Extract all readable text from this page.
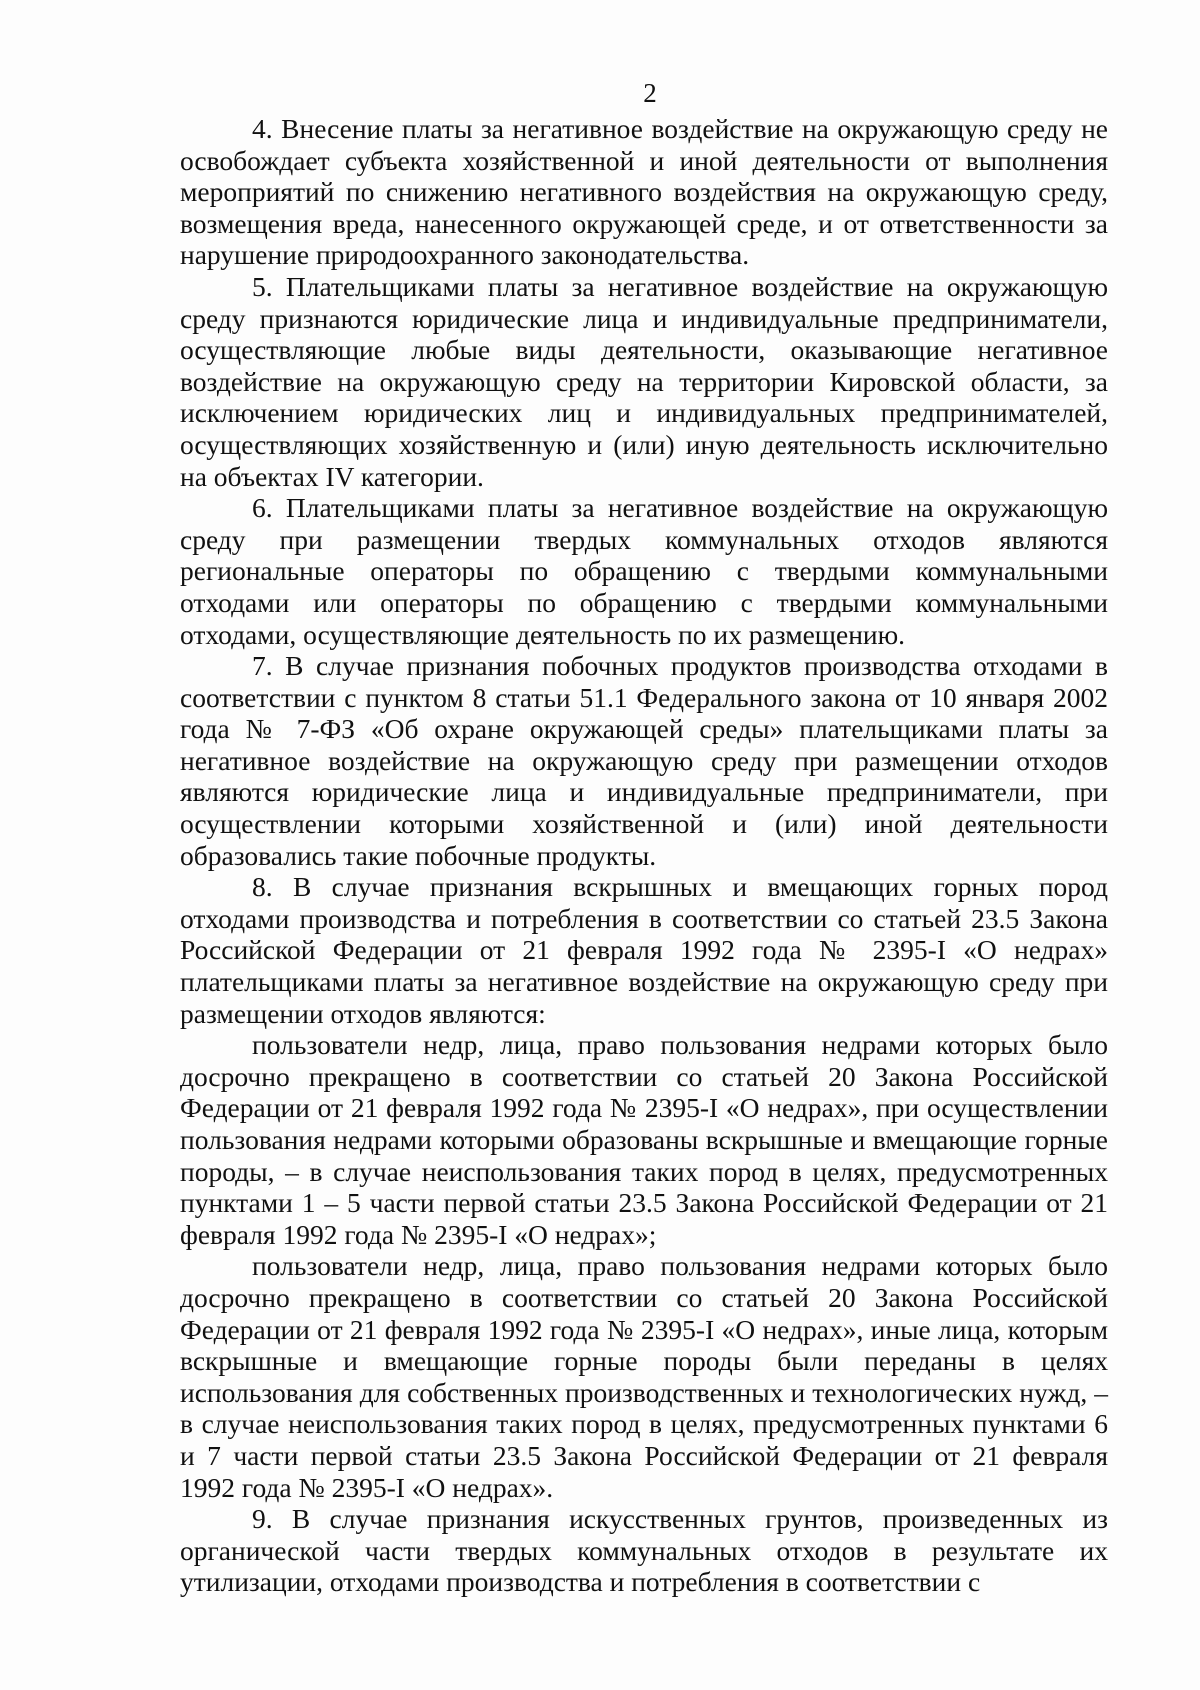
2

4. Внесение платы за негативное воздействие на окружающую среду не освобождает субъекта хозяйственной и иной деятельности от выполнения мероприятий по снижению негативного воздействия на окружающую среду, возмещения вреда, нанесенного окружающей среде, и от ответственности за нарушение природоохранного законодательства.

5. Плательщиками платы за негативное воздействие на окружающую среду признаются юридические лица и индивидуальные предприниматели, осуществляющие любые виды деятельности, оказывающие негативное воздействие на окружающую среду на территории Кировской области, за исключением юридических лиц и индивидуальных предпринимателей, осуществляющих хозяйственную и (или) иную деятельность исключительно на объектах IV категории.

6. Плательщиками платы за негативное воздействие на окружающую среду при размещении твердых коммунальных отходов являются региональные операторы по обращению с твердыми коммунальными отходами или операторы по обращению с твердыми коммунальными отходами, осуществляющие деятельность по их размещению.

7. В случае признания побочных продуктов производства отходами в соответствии с пунктом 8 статьи 51.1 Федерального закона от 10 января 2002 года № 7-ФЗ «Об охране окружающей среды» плательщиками платы за негативное воздействие на окружающую среду при размещении отходов являются юридические лица и индивидуальные предприниматели, при осуществлении которыми хозяйственной и (или) иной деятельности образовались такие побочные продукты.

8. В случае признания вскрышных и вмещающих горных пород отходами производства и потребления в соответствии со статьей 23.5 Закона Российской Федерации от 21 февраля 1992 года № 2395-I «О недрах» плательщиками платы за негативное воздействие на окружающую среду при размещении отходов являются:

пользователи недр, лица, право пользования недрами которых было досрочно прекращено в соответствии со статьей 20 Закона Российской Федерации от 21 февраля 1992 года № 2395-I «О недрах», при осуществлении пользования недрами которыми образованы вскрышные и вмещающие горные породы, – в случае неиспользования таких пород в целях, предусмотренных пунктами 1 – 5 части первой статьи 23.5 Закона Российской Федерации от 21 февраля 1992 года № 2395-I «О недрах»;

пользователи недр, лица, право пользования недрами которых было досрочно прекращено в соответствии со статьей 20 Закона Российской Федерации от 21 февраля 1992 года № 2395-I «О недрах», иные лица, которым вскрышные и вмещающие горные породы были переданы в целях использования для собственных производственных и технологических нужд, – в случае неиспользования таких пород в целях, предусмотренных пунктами 6 и 7 части первой статьи 23.5 Закона Российской Федерации от 21 февраля 1992 года № 2395-I «О недрах».

9. В случае признания искусственных грунтов, произведенных из органической части твердых коммунальных отходов в результате их утилизации, отходами производства и потребления в соответствии с
